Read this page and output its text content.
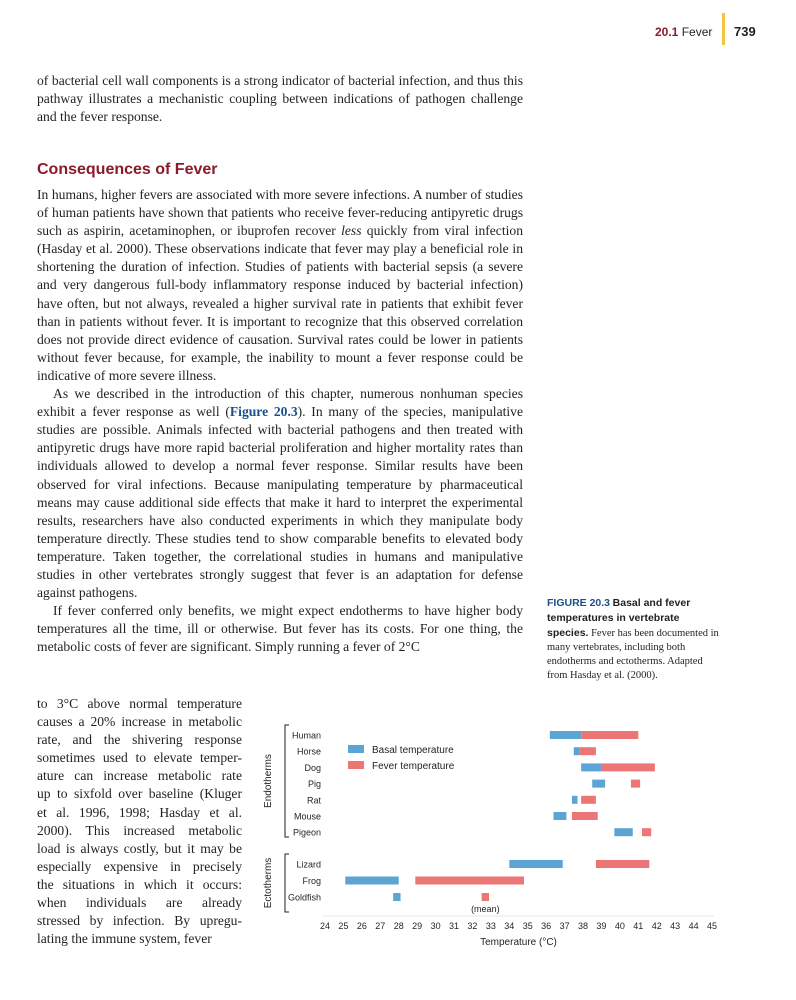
20.1 Fever 739

of bacterial cell wall components is a strong indicator of bacterial infection, and thus this pathway illustrates a mechanistic coupling between indications of pathogen challenge and the fever response.

Consequences of Fever

In humans, higher fevers are associated with more severe infections. A number of studies of human patients have shown that patients who receive fever-reducing antipyretic drugs such as aspirin, acetaminophen, or ibuprofen recover less quickly from viral infection (Hasday et al. 2000). These observations indicate that fever may play a beneficial role in shortening the duration of infection. Studies of patients with bacterial sepsis (a severe and very dangerous full-body inflammatory response induced by bacterial infection) have often, but not always, revealed a higher survival rate in patients that exhibit fever than in patients without fever. It is important to recognize that this observed correlation does not provide direct evidence of causation. Survival rates could be lower in patients without fever because, for example, the inability to mount a fever response could be indicative of more severe illness.

As we described in the introduction of this chapter, numerous nonhuman species exhibit a fever response as well (Figure 20.3). In many of the species, manipulative studies are possible. Animals infected with bacterial pathogens and then treated with antipyretic drugs have more rapid bacterial proliferation and higher mortality rates than individuals allowed to develop a normal fever response. Similar results have been observed for viral infections. Because manipulating temperature by pharmaceutical means may cause additional side effects that make it hard to interpret the experimental results, researchers have also conducted experiments in which they manipulate body temperature directly. These studies tend to show comparable benefits to elevated body temperature. Taken together, the correlational studies in humans and manipulative studies in other vertebrates strongly suggest that fever is an adaptation for defense against pathogens.

If fever conferred only benefits, we might expect endotherms to have higher body temperatures all the time, ill or otherwise. But fever has its costs. For one thing, the metabolic costs of fever are significant. Simply running a fever of 2°C

to 3°C above normal temperature
causes a 20% increase in metabolic
rate, and the shivering response
sometimes used to elevate temper-
ature can increase metabolic rate
up to sixfold over baseline (Kluger
et al. 1996, 1998; Hasday et al.
2000). This increased metabolic
load is always costly, but it may be
especially expensive in precisely
the situations in which it occurs:
when individuals are already
stressed by infection. By upregu-
lating the immune system, fever
FIGURE 20.3 Basal and fever temperatures in vertebrate species. Fever has been documented in many vertebrates, including both endotherms and ectotherms. Adapted from Hasday et al. (2000).
Human
Horse
Dog
Pig
Rat
Mouse
Pigeon
Lizard
Frog
Goldfish
Endotherms
Ectotherms
24 25 26 27 28 29 30 31 32 33 34 35 36 37 38 39 40 41 42 43 44 45
Temperature (°C)
Basal temperature
Fever temperature
(mean)
